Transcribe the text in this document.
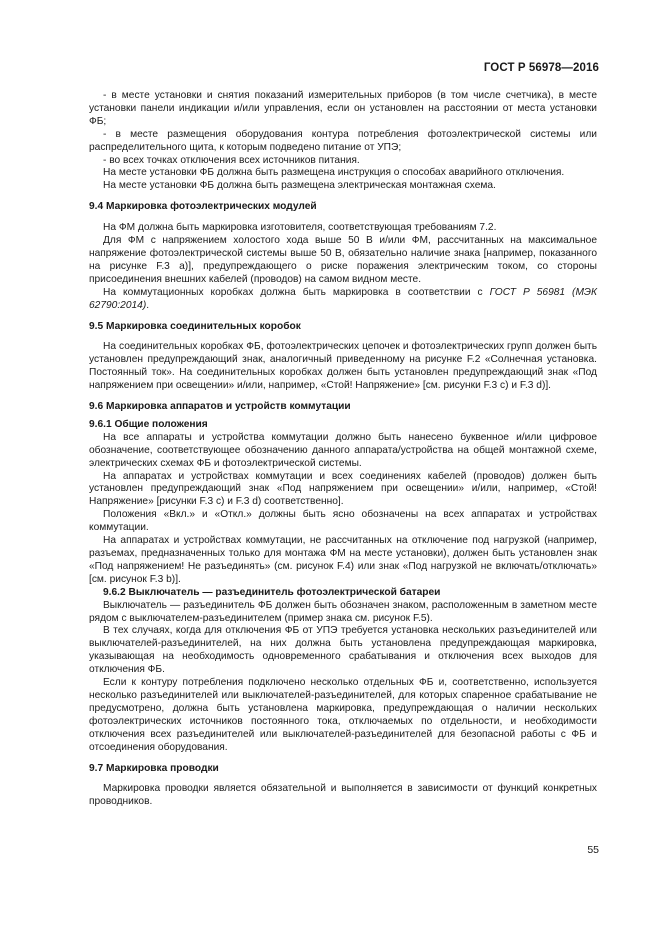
ГОСТ Р 56978—2016

- в месте установки и снятия показаний измерительных приборов (в том числе счетчика), в месте установки панели индикации и/или управления, если он установлен на расстоянии от места установки ФБ;

- в месте размещения оборудования контура потребления фотоэлектрической системы или распределительного щита, к которым подведено питание от УПЭ;

- во всех точках отключения всех источников питания.

На месте установки ФБ должна быть размещена инструкция о способах аварийного отключения.

На месте установки ФБ должна быть размещена электрическая монтажная схема.

9.4 Маркировка фотоэлектрических модулей

На ФМ должна быть маркировка изготовителя, соответствующая требованиям 7.2.

Для ФМ с напряжением холостого хода выше 50 В и/или ФМ, рассчитанных на максимальное напряжение фотоэлектрической системы выше 50 В, обязательно наличие знака [например, показанного на рисунке F.3 а)], предупреждающего о риске поражения электрическим током, со стороны присоединения внешних кабелей (проводов) на самом видном месте.

На коммутационных коробках должна быть маркировка в соответствии с ГОСТ Р 56981 (МЭК 62790:2014).

9.5 Маркировка соединительных коробок

На соединительных коробках ФБ, фотоэлектрических цепочек и фотоэлектрических групп должен быть установлен предупреждающий знак, аналогичный приведенному на рисунке F.2 «Солнечная установка. Постоянный ток». На соединительных коробках должен быть установлен предупреждающий знак «Под напряжением при освещении» и/или, например, «Стой! Напряжение» [см. рисунки F.3 с) и F.3 d)].

9.6 Маркировка аппаратов и устройств коммутации

9.6.1 Общие положения

На все аппараты и устройства коммутации должно быть нанесено буквенное и/или цифровое обозначение, соответствующее обозначению данного аппарата/устройства на общей монтажной схеме, электрических схемах ФБ и фотоэлектрической системы.

На аппаратах и устройствах коммутации и всех соединениях кабелей (проводов) должен быть установлен предупреждающий знак «Под напряжением при освещении» и/или, например, «Стой! Напряжение» [рисунки F.3 с) и F.3 d) соответственно].

Положения «Вкл.» и «Откл.» должны быть ясно обозначены на всех аппаратах и устройствах коммутации.

На аппаратах и устройствах коммутации, не рассчитанных на отключение под нагрузкой (например, разъемах, предназначенных только для монтажа ФМ на месте установки), должен быть установлен знак «Под напряжением! Не разъединять» (см. рисунок F.4) или знак «Под нагрузкой не включать/отключать» [см. рисунок F.3 b)].

9.6.2 Выключатель — разъединитель фотоэлектрической батареи

Выключатель — разъединитель ФБ должен быть обозначен знаком, расположенным в заметном месте рядом с выключателем-разъединителем (пример знака см. рисунок F.5).

В тех случаях, когда для отключения ФБ от УПЭ требуется установка нескольких разъединителей или выключателей-разъединителей, на них должна быть установлена предупреждающая маркировка, указывающая на необходимость одновременного срабатывания и отключения всех выходов для отключения ФБ.

Если к контуру потребления подключено несколько отдельных ФБ и, соответственно, используется несколько разъединителей или выключателей-разъединителей, для которых спаренное срабатывание не предусмотрено, должна быть установлена маркировка, предупреждающая о наличии нескольких фотоэлектрических источников постоянного тока, отключаемых по отдельности, и необходимости отключения всех разъединителей или выключателей-разъединителей для безопасной работы с ФБ и отсоединения оборудования.

9.7 Маркировка проводки

Маркировка проводки является обязательной и выполняется в зависимости от функций конкретных проводников.

55
